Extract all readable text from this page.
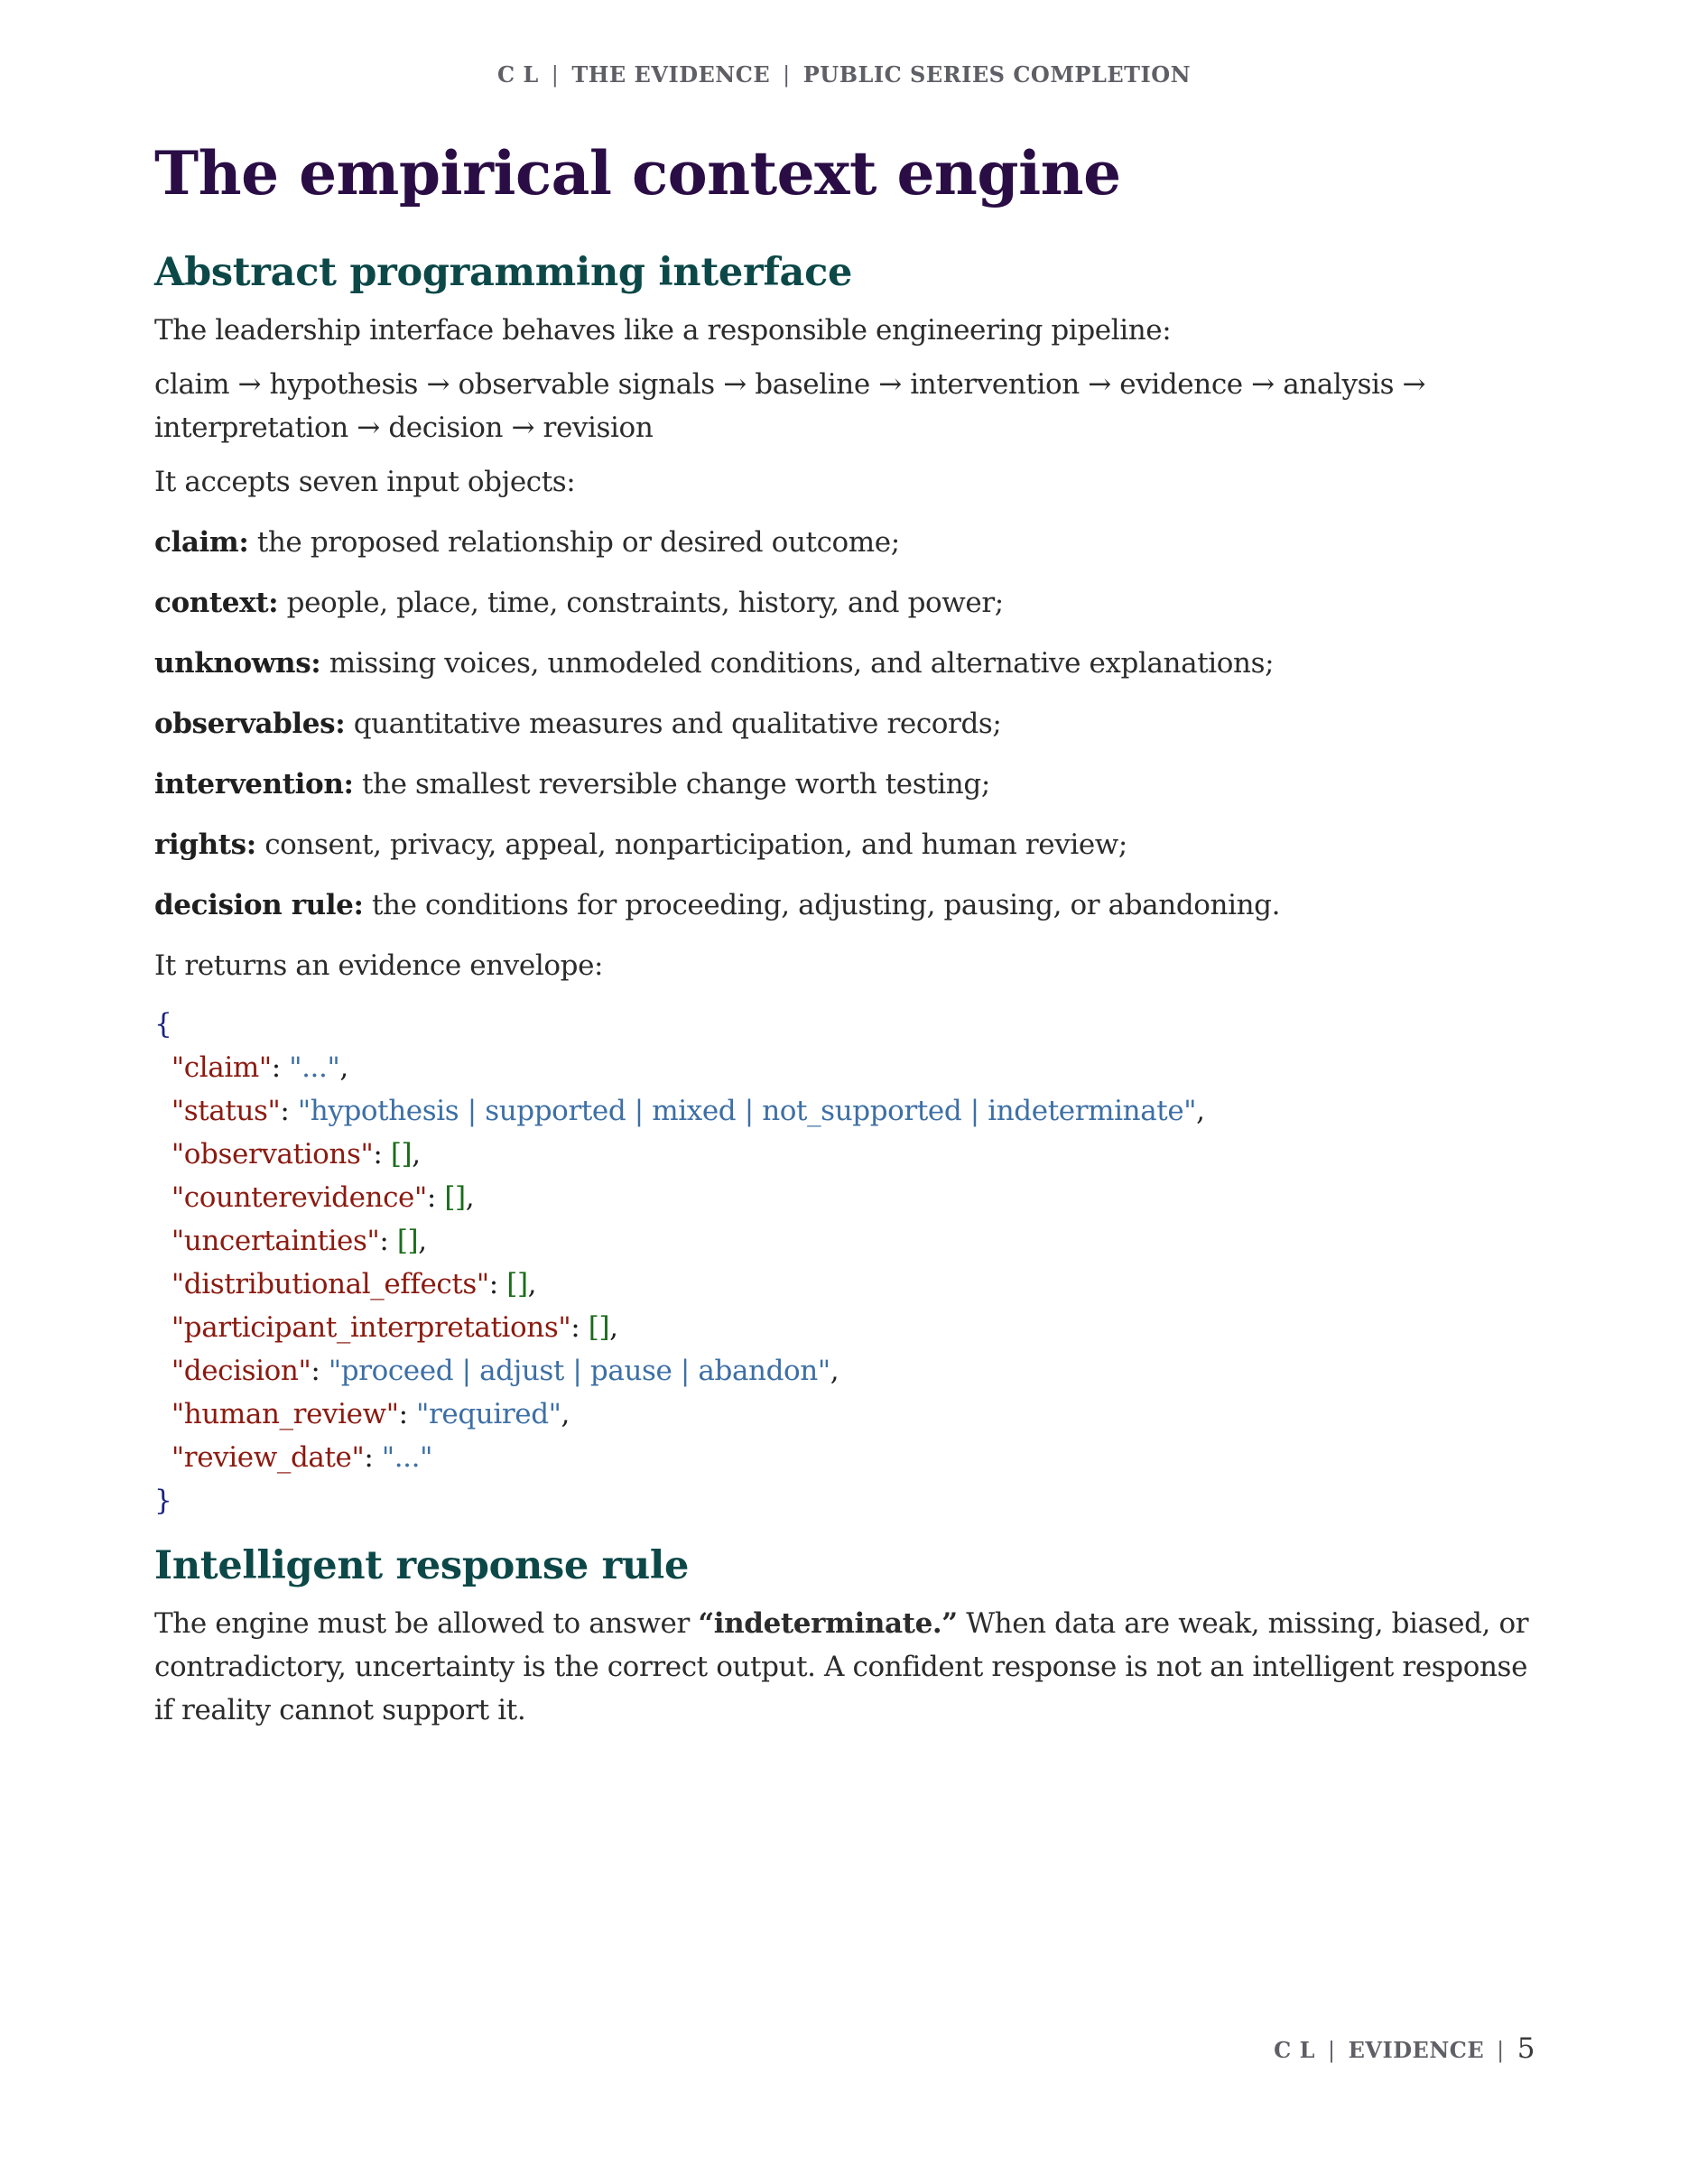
C L | THE EVIDENCE | PUBLIC SERIES COMPLETION
The empirical context engine
Abstract programming interface

The leadership interface behaves like a responsible engineering pipeline:

claim → hypothesis → observable signals → baseline → intervention → evidence → analysis →
interpretation → decision → revision

It accepts seven input objects:

claim: the proposed relationship or desired outcome;

context: people, place, time, constraints, history, and power;

unknowns: missing voices, unmodeled conditions, and alternative explanations;

observables: quantitative measures and qualitative records;

intervention: the smallest reversible change worth testing;

rights: consent, privacy, appeal, nonparticipation, and human review;

decision rule: the conditions for proceeding, adjusting, pausing, or abandoning.

It returns an evidence envelope:

{
"claim": "...",
"status": "hypothesis | supported | mixed | not_supported | indeterminate",
"observations": [],
"counterevidence": [],
"uncertainties": [],
"distributional_effects": [],
"participant_interpretations": [],
"decision": "proceed | adjust | pause | abandon",
"human_review": "required",
"review_date": "..."
}
Intelligent response rule

The engine must be allowed to answer “indeterminate.” When data are weak, missing, biased, or contradictory, uncertainty is the correct output. A confident response is not an intelligent response if reality cannot support it.

C L | EVIDENCE | 5
